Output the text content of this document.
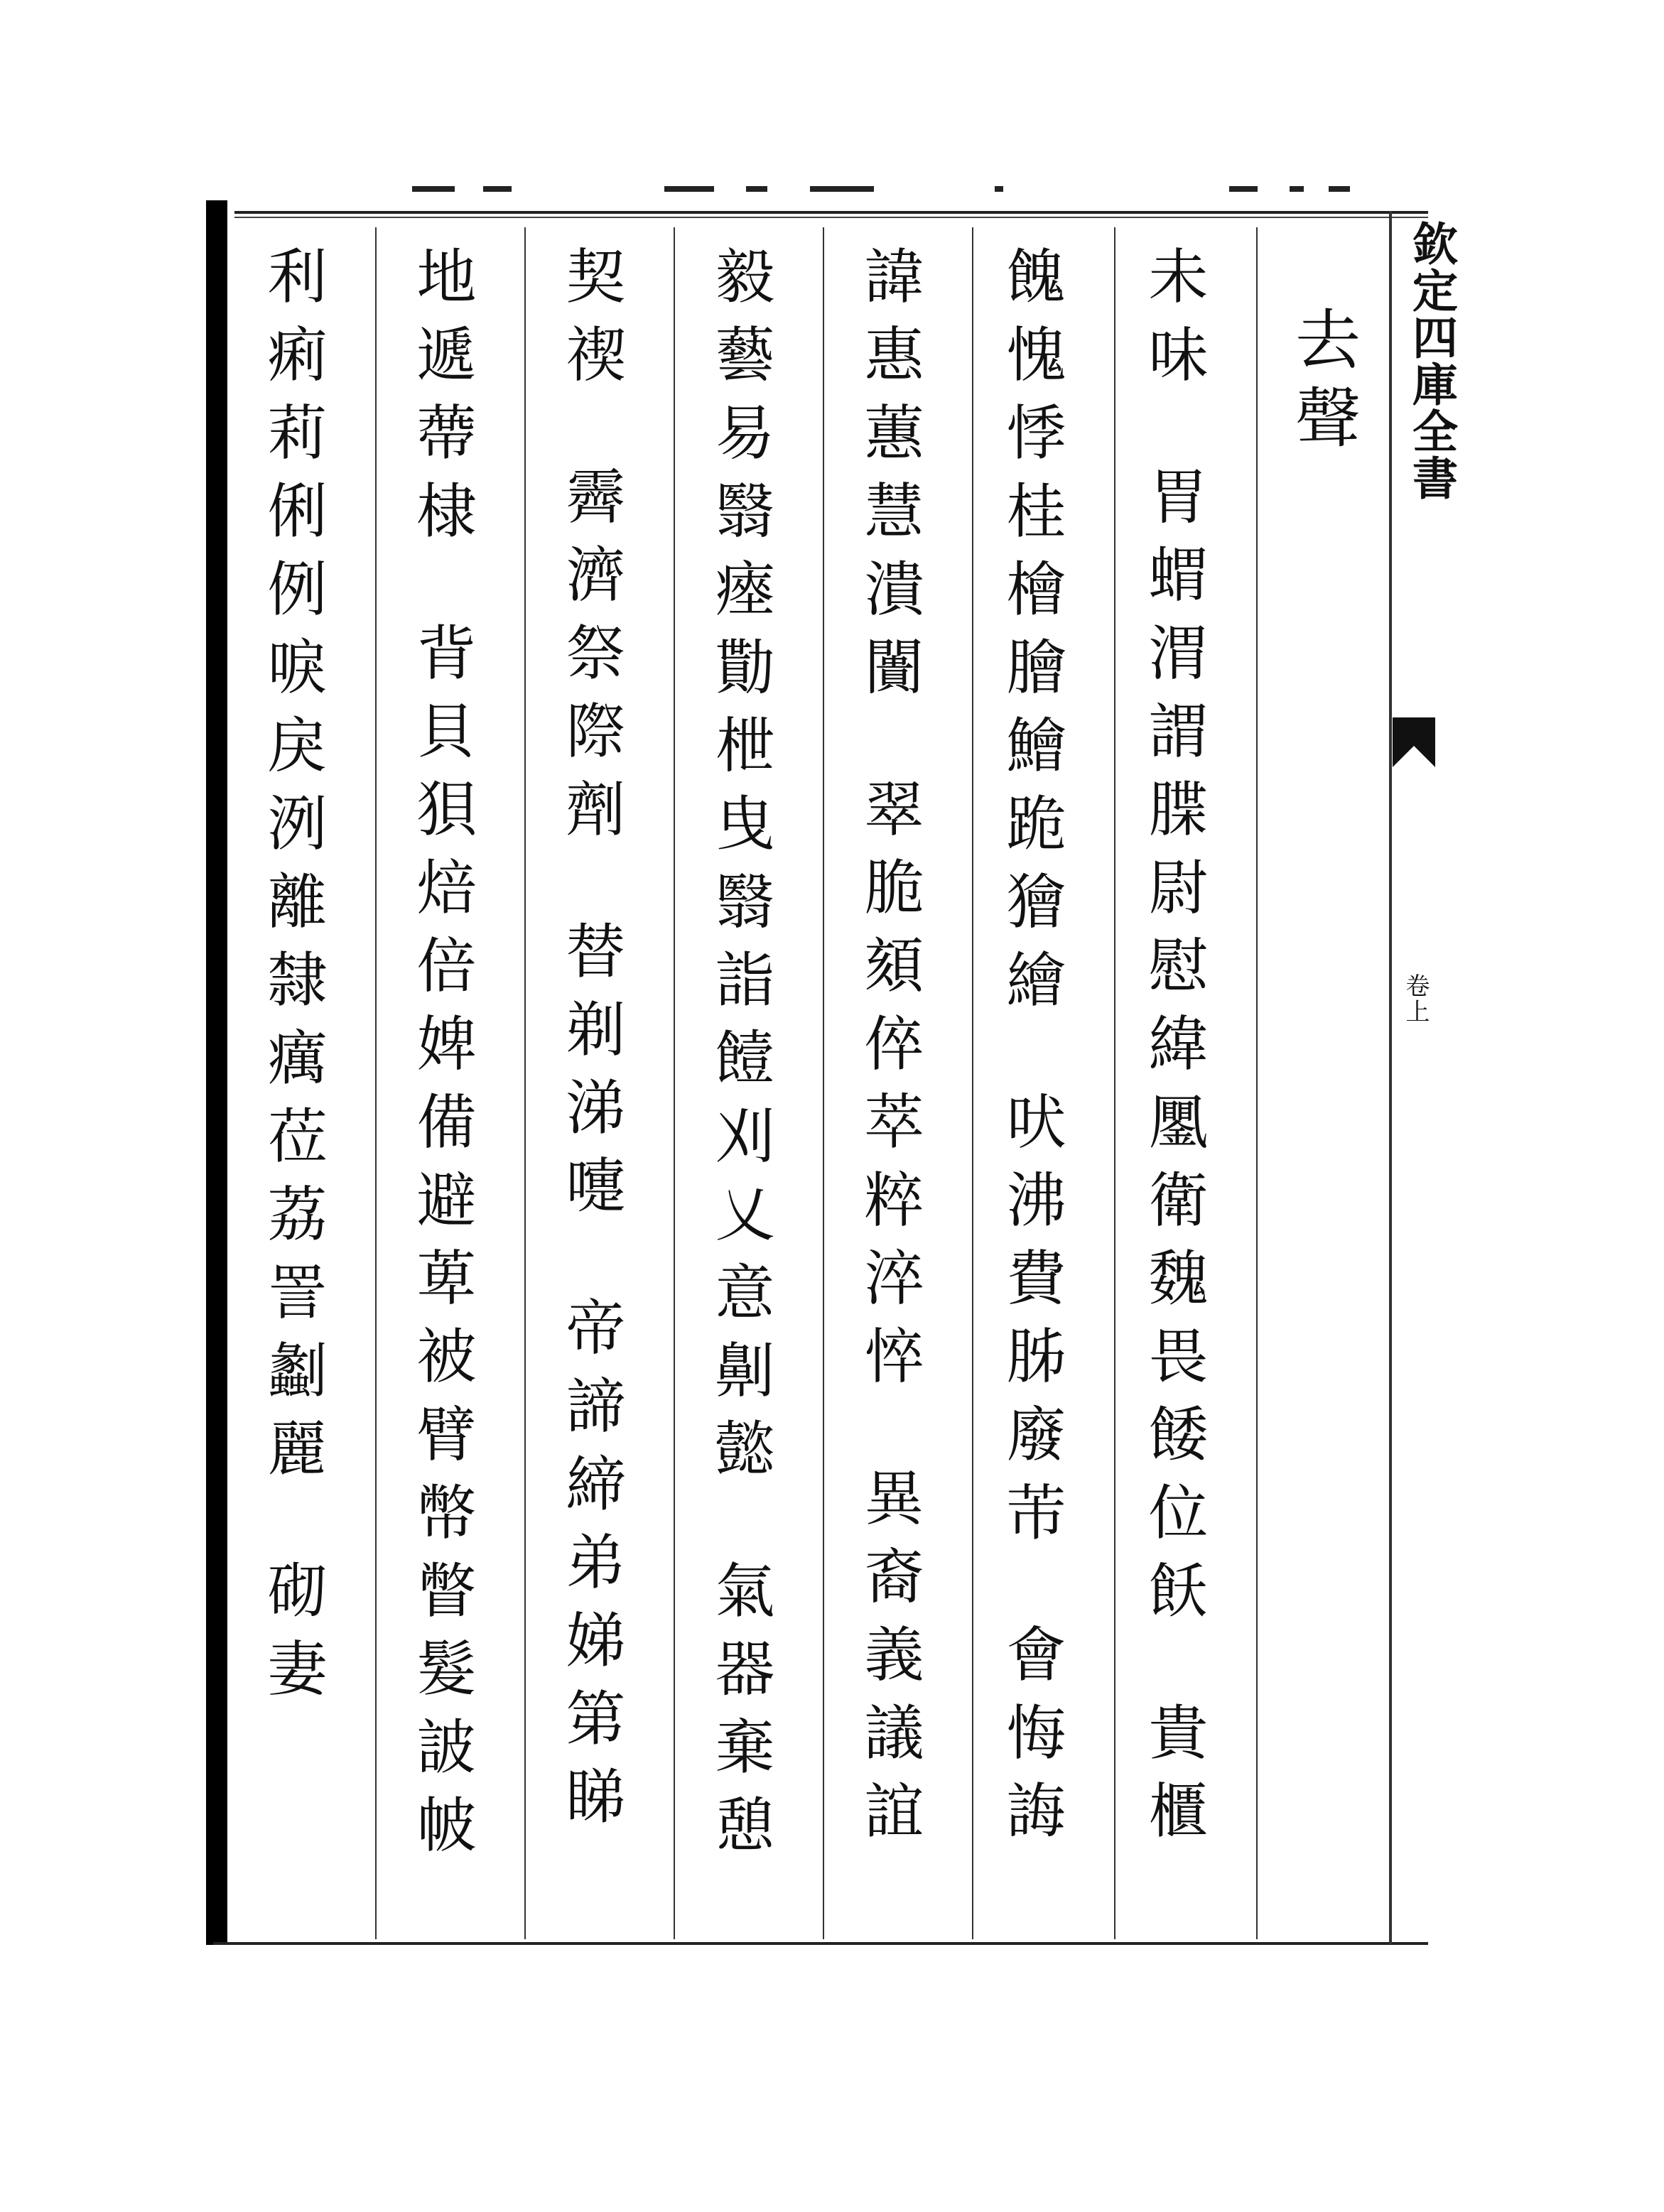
欽定四庫全書
卷上
去聲
未味胃蝟渭謂䐑尉慰緯䥚衛魏畏餧位飫貴櫃
餽愧悸桂檜膾鱠跪獪繪吠沸費胏廢芾會悔誨
諱惠蕙慧潰闠翠脆頦倅萃粹淬悴異裔義議誼
毅藝易翳瘞勩枻曳翳詣饐刈乂意劓懿氣器棄憩
契禊霽濟祭際劑替剃涕嚏帝諦締弟娣第睇
地遞蔕棣背貝狽焙倍婢備避萆被臂幣瞥髮詖帔
利痢莉俐例唳戾洌離隸癘莅荔詈劙麗砌妻
